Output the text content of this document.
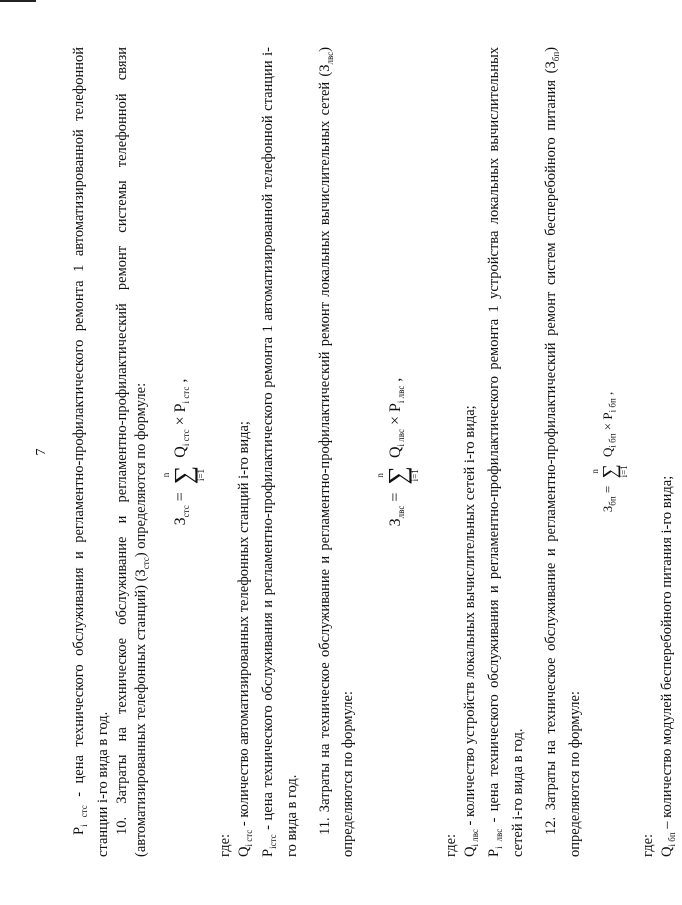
7

$P_{i стс}$ - цена технического обслуживания и регламентно-профилактического ремонта 1 автоматизированной телефонной станции i-го вида в год. 10. Затраты на техническое обслуживание и регламентно-профилактический ремонт системы телефонной связи (автоматизированных телефонных станций) $(З_{стс})$ определяются по формуле:	$З_{стс}$ =
n
∑
i=1
$Q_{i стс} \times P_{i стс}$ ,

где: $Q_{i стс}$ - количество автоматизированных телефонных станций i-го вида;

$P_{iстс}$ - цена технического обслуживания и регламентно-профилактического ремонта 1 автоматизированной телефонной станции i-го вида в год. 11. Затраты на техническое обслуживание и регламентно-профилактический ремонт локальных вычислительных сетей $(З_{лвс})$ определяются по формуле:

$З_{лвс}$ =
n
∑
i=1
$Q_{i лвс} \times P_{i лвс}$ ,

где: $Q_{i лвс}$ - количество устройств локальных вычислительных сетей i-го вида;

$P_{i лвс}$ - цена технического обслуживания и регламентно-профилактического ремонта 1 устройства локальных вычислительных сетей i-го вида в год. 12. Затраты на техническое обслуживание и регламентно-профилактический ремонт систем бесперебойного питания $(З_{бп})$ определяются по формуле:

$З_{бп}$ =
n ∑
i=1
$Q_{i бп} \times P_{i бп}$ ,

где: $Q_{i бп}$ – количество модулей бесперебойного питания i-го вида;
